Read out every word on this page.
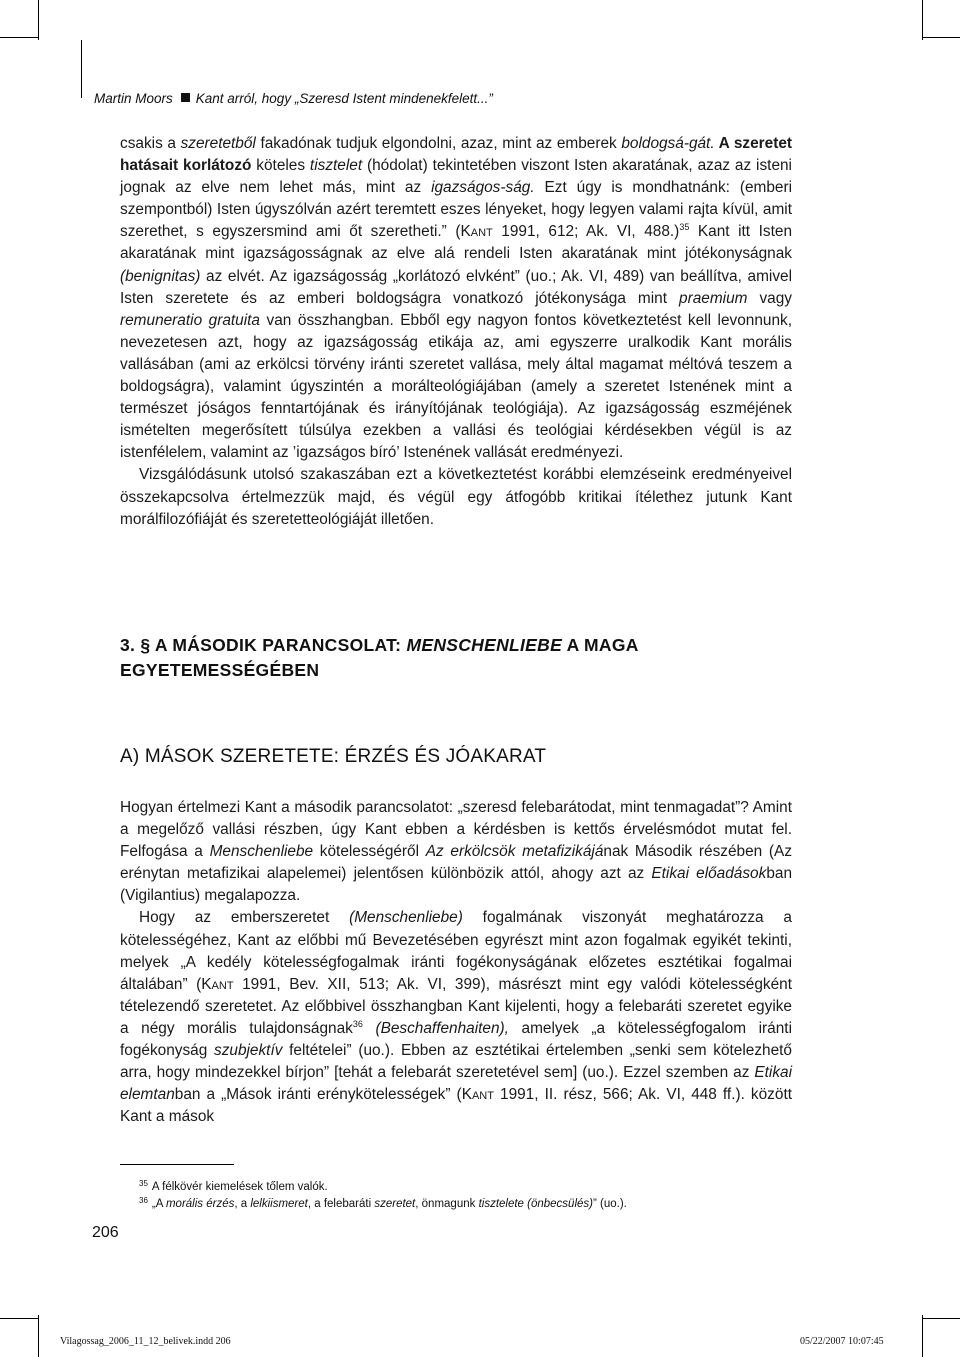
Martin Moors Kant arról, hogy „Szeresd Istent mindenekfelett...”

csakis a szeretetből fakadónak tudjuk elgondolni, azaz, mint az emberek boldogsá-gát. A szeretet hatásait korlátozó köteles tisztelet (hódolat) tekintetében viszont Isten akaratának, azaz az isteni jognak az elve nem lehet más, mint az igazságos-ság. Ezt úgy is mondhatnánk: (emberi szempontból) Isten úgyszólván azért teremtett eszes lényeket, hogy legyen valami rajta kívül, amit szerethet, s egyszersmind ami őt szeretheti.” (Kant 1991, 612; Ak. VI, 488.)$^{35}$ Kant itt Isten akaratának mint igazságosságnak az elve alá rendeli Isten akaratának mint jótékonyságnak (benignitas) az elvét. Az igazságosság „korlátozó elvként” (uo.; Ak. VI, 489) van beállítva, amivel Isten szeretete és az emberi boldogságra vonatkozó jótékonysága mint praemium vagy remuneratio gratuita van összhangban. Ebből egy nagyon fontos következtetést kell levonnunk, nevezetesen azt, hogy az igazságosság etikája az, ami egyszerre uralkodik Kant morális vallásában (ami az erkölcsi törvény iránti szeretet vallása, mely által magamat méltóvá teszem a boldogságra), valamint úgyszintén a morálteológiájában (amely a szeretet Istenének mint a természet jóságos fenntartójának és irányítójának teológiája). Az igazságosság eszméjének ismételten megerősített túlsúlya ezekben a vallási és teológiai kérdésekben végül is az istenfélelem, valamint az ’igazságos bíró’ Istenének vallását eredményezi.

Vizsgálódásunk utolsó szakaszában ezt a következtetést korábbi elemzéseink eredményeivel összekapcsolva értelmezzük majd, és végül egy átfogóbb kritikai ítélethez jutunk Kant morálfilozófiáját és szeretetteológiáját illetően.

3. § A MÁSODIK PARANCSOLAT: MENSCHENLIEBE A MAGA EGYETEMESSÉGÉBEN
A) MÁSOK SZERETETE: ÉRZÉS ÉS JÓAKARAT

Hogyan értelmezi Kant a második parancsolatot: „szeresd felebarátodat, mint tenmagadat”? Amint a megelőző vallási részben, úgy Kant ebben a kérdésben is kettős érvelésmódot mutat fel. Felfogása a Menschenliebe kötelességéről Az erkölcsök metafizikájának Második részében (Az erénytan metafizikai alapelemei) jelentősen különbözik attól, ahogy azt az Etikai előadásokban (Vigilantius) megalapozza.

Hogy az emberszeretet (Menschenliebe) fogalmának viszonyát meghatározza a kötelességéhez, Kant az előbbi mű Bevezetésében egyrészt mint azon fogalmak egyikét tekinti, melyek „A kedély kötelességfogalmak iránti fogékonyságának előzetes esztétikai fogalmai általában” (Kant 1991, Bev. XII, 513; Ak. VI, 399), másrészt mint egy valódi kötelességként tételezendő szeretetet. Az előbbivel összhangban Kant kijelenti, hogy a felebaráti szeretet egyike a négy morális tulajdonságnak$^{36}$ (Beschaffenhaiten), amelyek „a kötelességfogalom iránti fogékonyság szubjektív feltételei” (uo.). Ebben az esztétikai értelemben „senki sem kötelezhető arra, hogy mindezekkel bírjon” [tehát a felebarát szeretetével sem] (uo.). Ezzel szemben az Etikai elemtanban a „Mások iránti erénykötelességek” (Kant 1991, II. rész, 566; Ak. VI, 448 ff.). között Kant a mások

$^{35}$ A félkövér kiemelések tőlem valók.
$^{36}$ „A morális érzés, a lelkiismeret, a felebaráti szeretet, önmagunk tisztelete (önbecsülés)” (uo.).
206
Vilagossag_2006_11_12_belivek.indd 206	05/22/2007 10:07:45
